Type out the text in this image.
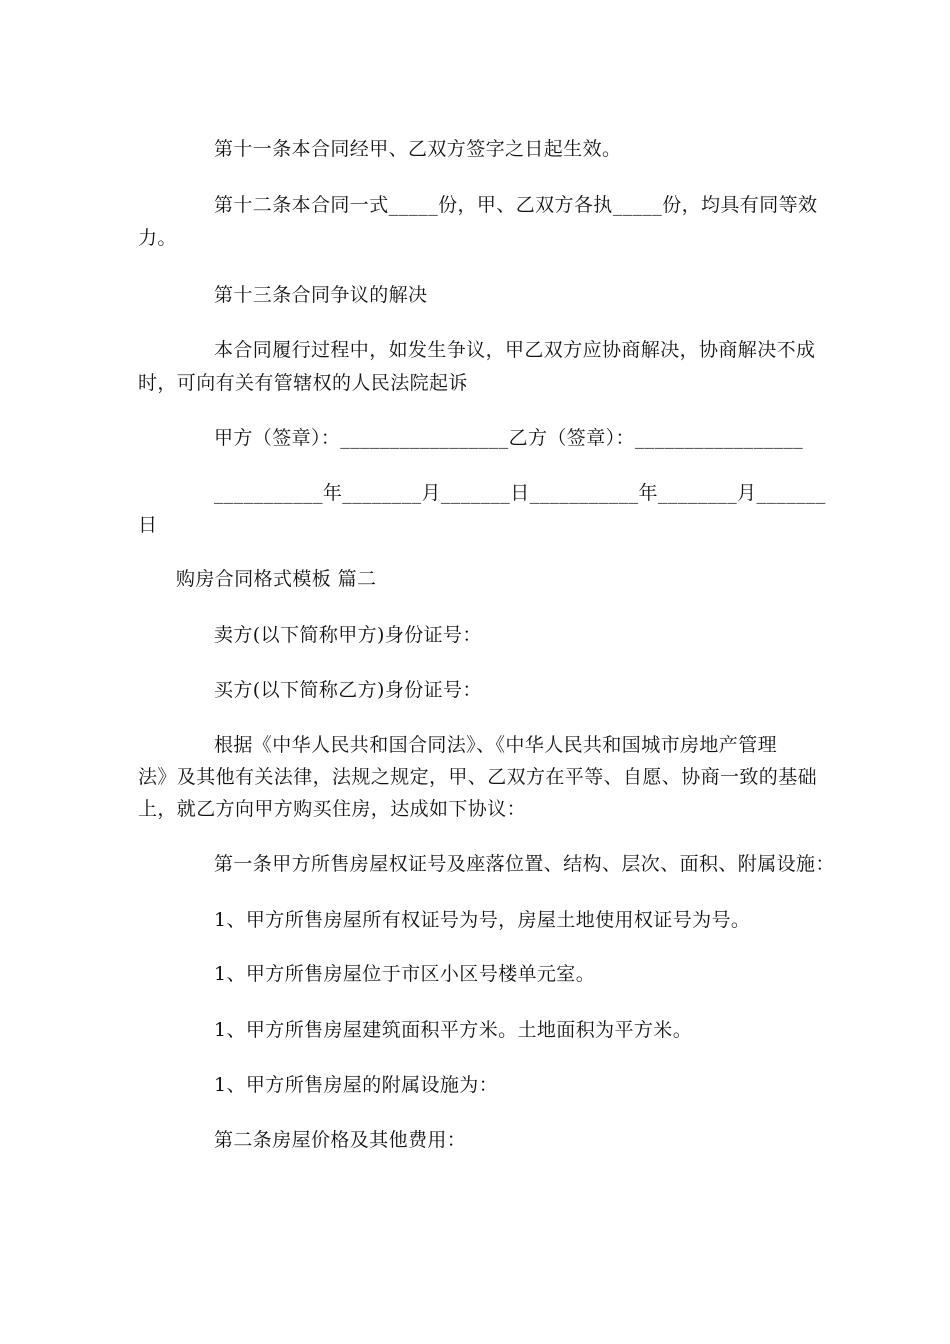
第十一条本合同经甲、乙双方签字之日起生效。

第十二条本合同一式_____份，甲、乙双方各执_____份，均具有同等效

力。

第十三条合同争议的解决

本合同履行过程中，如发生争议，甲乙双方应协商解决，协商解决不成

时，可向有关有管辖权的人民法院起诉

甲方（签章）：_________________乙方（签章）：_________________

___________年________月_______日___________年________月_______

日

购房合同格式模板 篇二

卖方(以下简称甲方)身份证号：

买方(以下简称乙方)身份证号：

根据《中华人民共和国合同法》、《中华人民共和国城市房地产管理

法》及其他有关法律，法规之规定，甲、乙双方在平等、自愿、协商一致的基础

上，就乙方向甲方购买住房，达成如下协议：

第一条甲方所售房屋权证号及座落位置、结构、层次、面积、附属设施：

1、甲方所售房屋所有权证号为号，房屋土地使用权证号为号。

1、甲方所售房屋位于市区小区号楼单元室。

1、甲方所售房屋建筑面积平方米。土地面积为平方米。

1、甲方所售房屋的附属设施为：

第二条房屋价格及其他费用：
